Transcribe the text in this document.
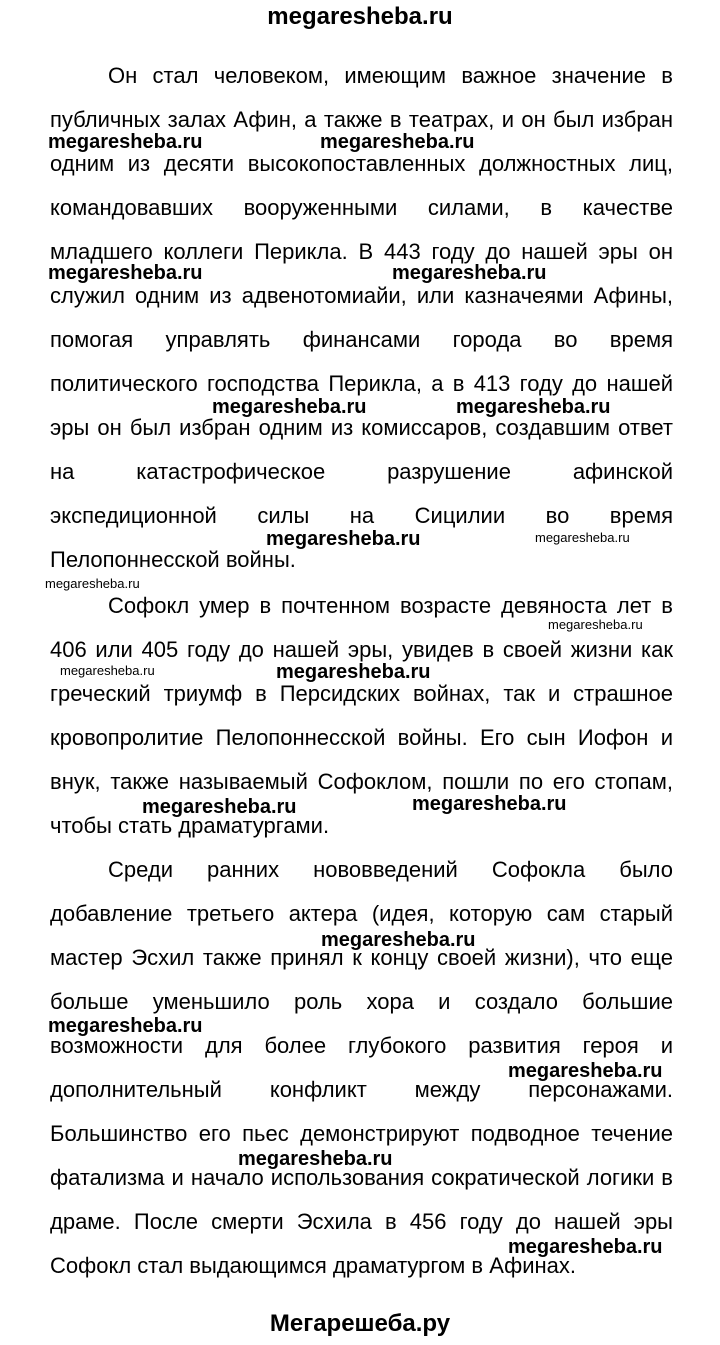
megaresheba.ru
Он стал человеком, имеющим важное значение в
публичных залах Афин, а также в театрах, и он был избран
одним из десяти высокопоставленных должностных лиц,
командовавших вооруженными силами, в качестве
младшего коллеги Перикла. В 443 году до нашей эры он
служил одним из адвенотомиайи, или казначеями Афины,
помогая управлять финансами города во время
политического господства Перикла, а в 413 году до нашей
эры он был избран одним из комиссаров, создавшим ответ
на катастрофическое разрушение афинской
экспедиционной силы на Сицилии во время
Пелопоннесской войны.
Софокл умер в почтенном возрасте девяноста лет в
406 или 405 году до нашей эры, увидев в своей жизни как
греческий триумф в Персидских войнах, так и страшное
кровопролитие Пелопоннесской войны. Его сын Иофон и
внук, также называемый Софоклом, пошли по его стопам,
чтобы стать драматургами.
Среди ранних нововведений Софокла было
добавление третьего актера (идея, которую сам старый
мастер Эсхил также принял к концу своей жизни), что еще
больше уменьшило роль хора и создало большие
возможности для более глубокого развития героя и
дополнительный конфликт между персонажами.
Большинство его пьес демонстрируют подводное течение
фатализма и начало использования сократической логики в
драме. После смерти Эсхила в 456 году до нашей эры
Софокл стал выдающимся драматургом в Афинах.
megaresheba.ru	megaresheba.ru
megaresheba.ru	megaresheba.ru
megaresheba.ru	megaresheba.ru
megaresheba.ru	megaresheba.ru
megaresheba.ru
megaresheba.ru
megaresheba.ru	megaresheba.ru
megaresheba.ru	megaresheba.ru
megaresheba.ru
megaresheba.ru
megaresheba.ru
megaresheba.ru
megaresheba.ru
Мегарешеба.ру
